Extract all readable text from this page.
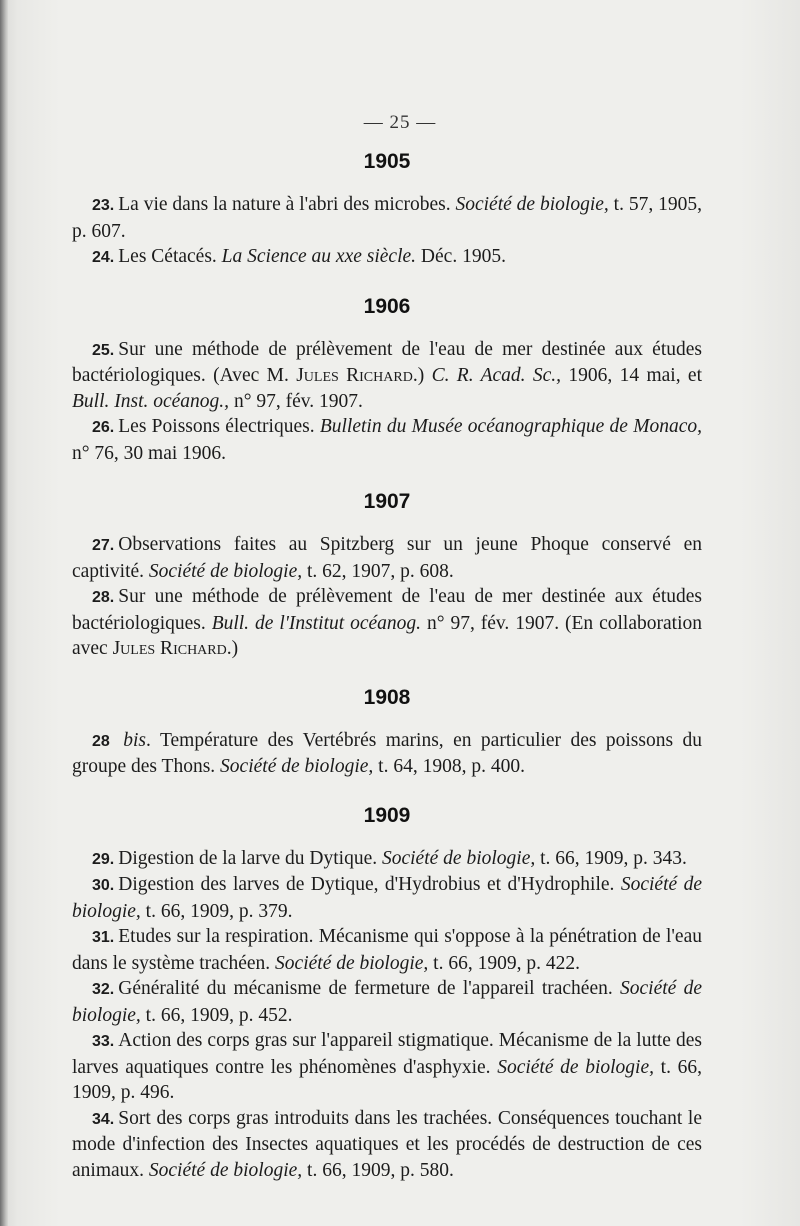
— 25 —
1905

23. La vie dans la nature à l'abri des microbes. Société de biologie, t. 57, 1905, p. 607.

24. Les Cétacés. La Science au xxe siècle. Déc. 1905.

1906

25. Sur une méthode de prélèvement de l'eau de mer destinée aux études bactériologiques. (Avec M. Jules Richard.) C. R. Acad. Sc., 1906, 14 mai, et Bull. Inst. océanog., n° 97, fév. 1907.

26. Les Poissons électriques. Bulletin du Musée océanographique de Monaco, n° 76, 30 mai 1906.

1907

27. Observations faites au Spitzberg sur un jeune Phoque conservé en captivité. Société de biologie, t. 62, 1907, p. 608.

28. Sur une méthode de prélèvement de l'eau de mer destinée aux études bactériologiques. Bull. de l'Institut océanog. n° 97, fév. 1907. (En collaboration avec Jules Richard.)

1908

28 bis. Température des Vertébrés marins, en particulier des poissons du groupe des Thons. Société de biologie, t. 64, 1908, p. 400.

1909

29. Digestion de la larve du Dytique. Société de biologie, t. 66, 1909, p. 343.

30. Digestion des larves de Dytique, d'Hydrobius et d'Hydrophile. Société de biologie, t. 66, 1909, p. 379.

31. Etudes sur la respiration. Mécanisme qui s'oppose à la pénétration de l'eau dans le système trachéen. Société de biologie, t. 66, 1909, p. 422.

32. Généralité du mécanisme de fermeture de l'appareil trachéen. Société de biologie, t. 66, 1909, p. 452.

33. Action des corps gras sur l'appareil stigmatique. Mécanisme de la lutte des larves aquatiques contre les phénomènes d'asphyxie. Société de biologie, t. 66, 1909, p. 496.

34. Sort des corps gras introduits dans les trachées. Conséquences touchant le mode d'infection des Insectes aquatiques et les procédés de destruction de ces animaux. Société de biologie, t. 66, 1909, p. 580.
